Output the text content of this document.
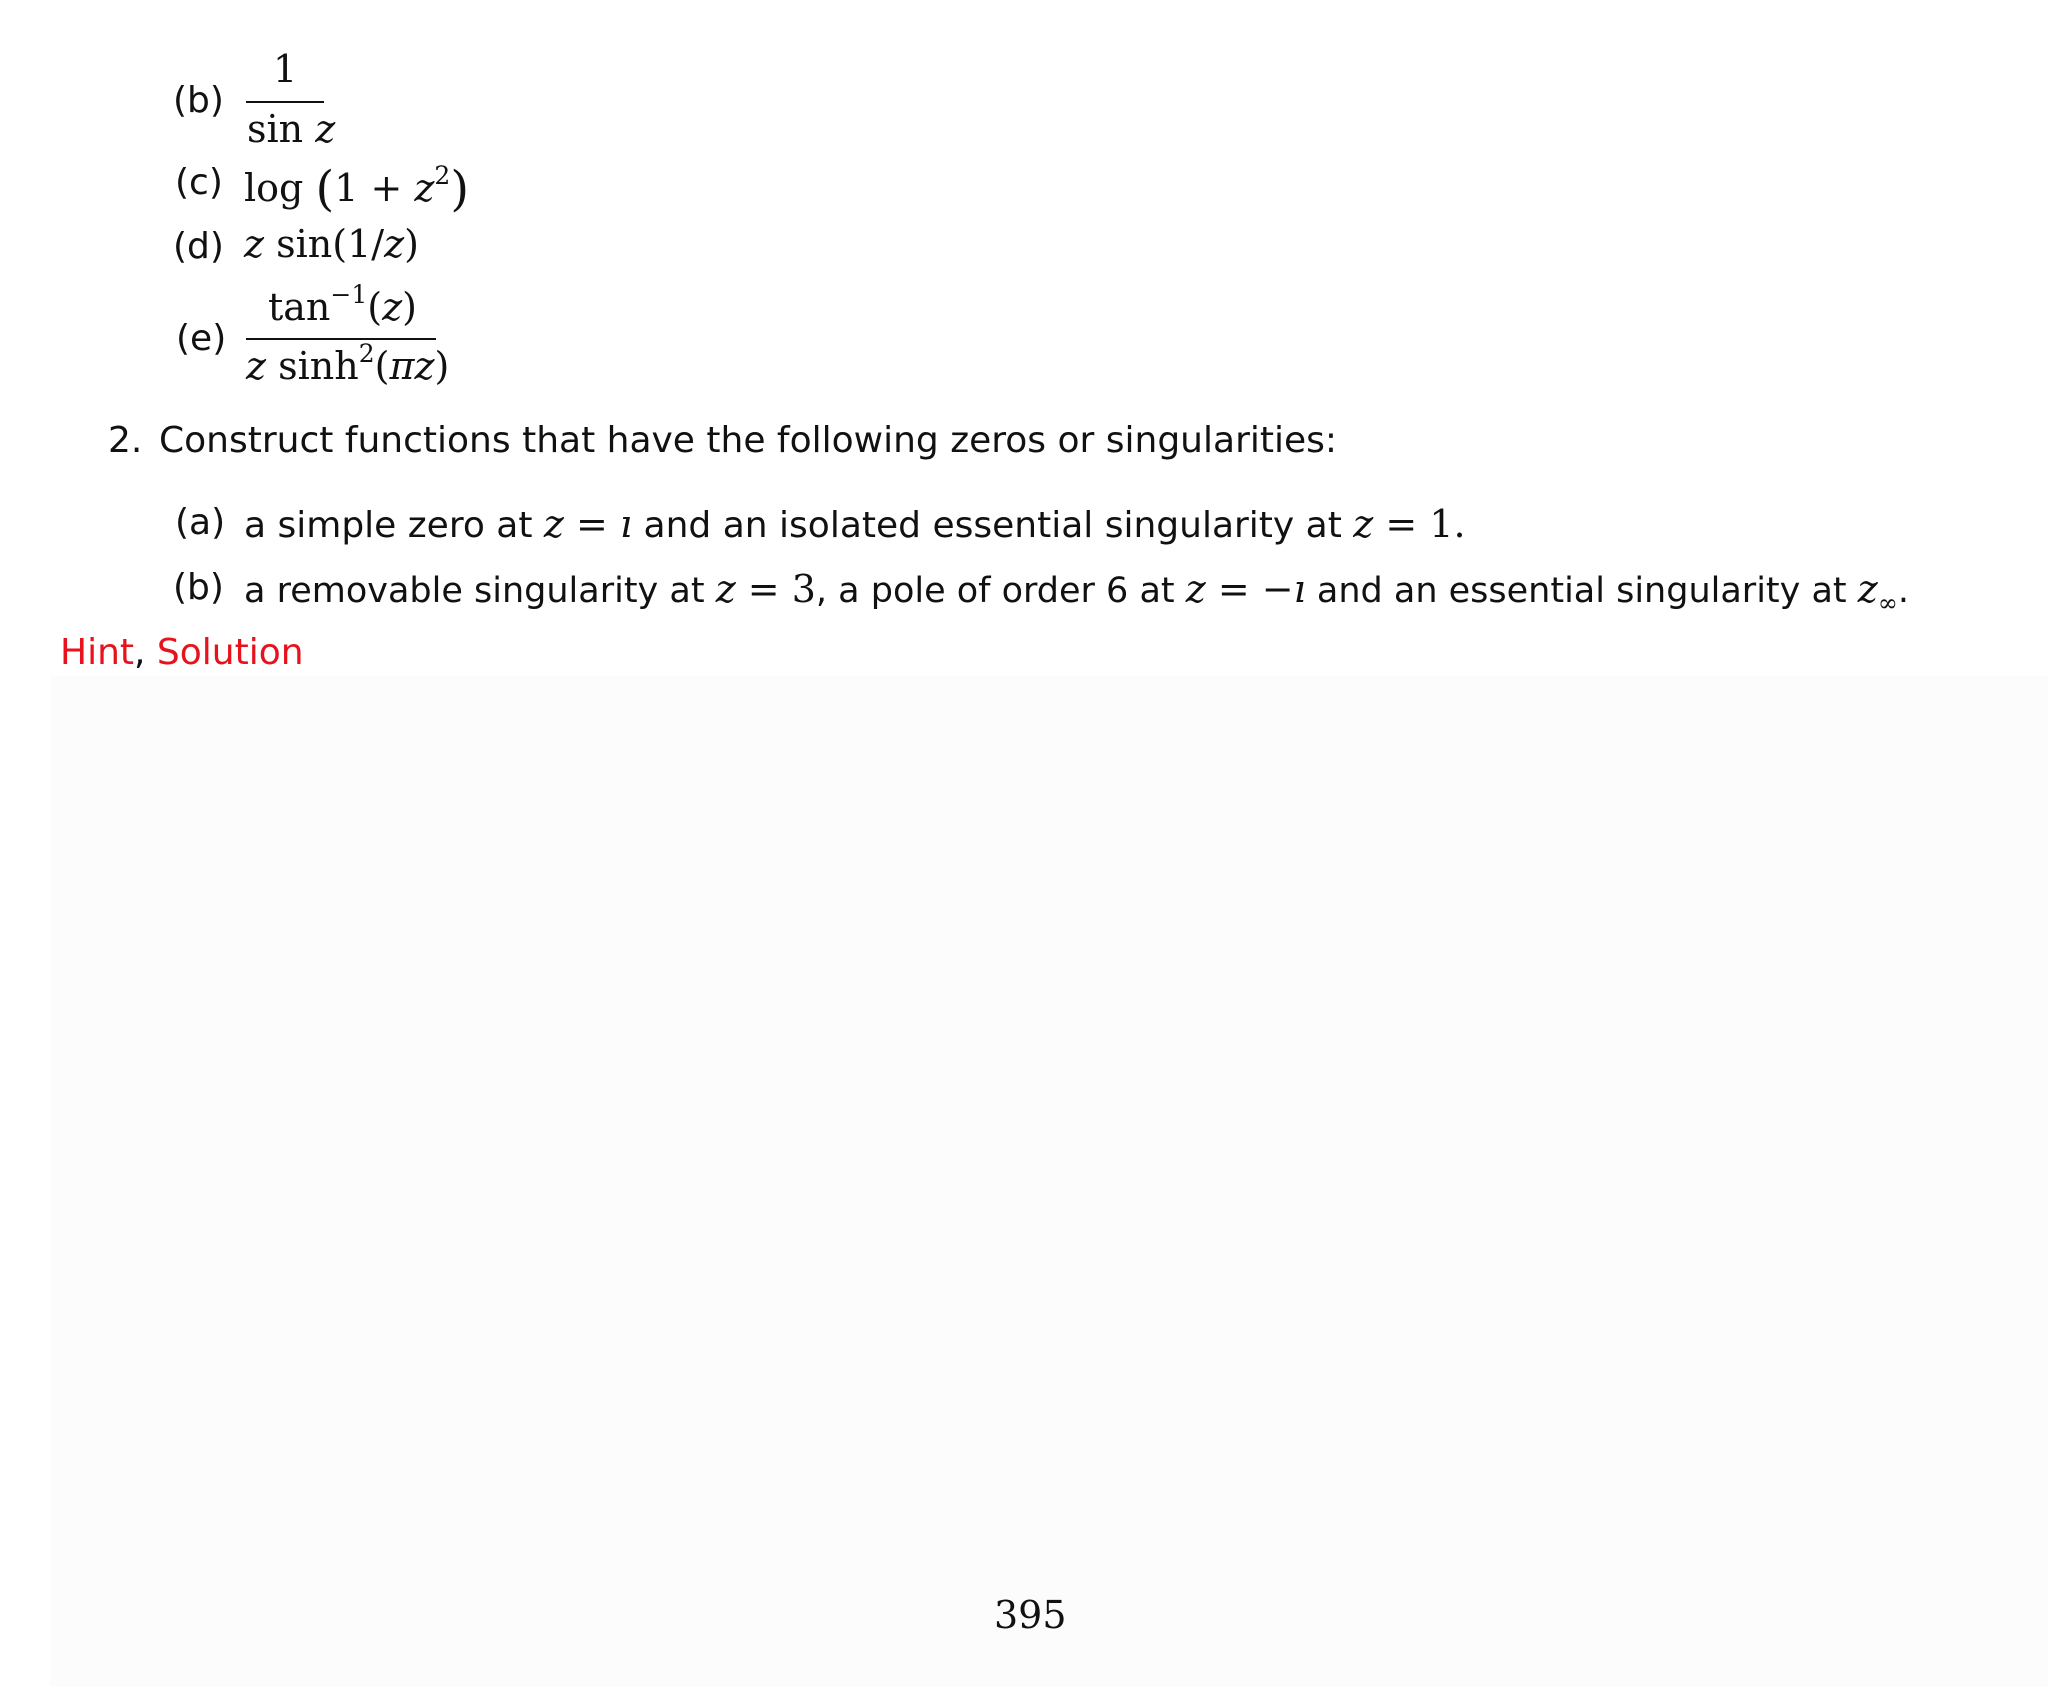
(b)
1
sin z
(c) $\log (1 + z^2)$
(d) z sin(1/z)
(e)
$\tan^{-1}(z)$
z $\sinh^2(\pi z)$
2. Construct functions that have the following zeros or singularities:
(a) a simple zero at z = ı and an isolated essential singularity at z = 1.
(b) a removable singularity at z = 3, a pole of order 6 at z = −ı and an essential singularity at $z_\infty$.
Hint, Solution
395
